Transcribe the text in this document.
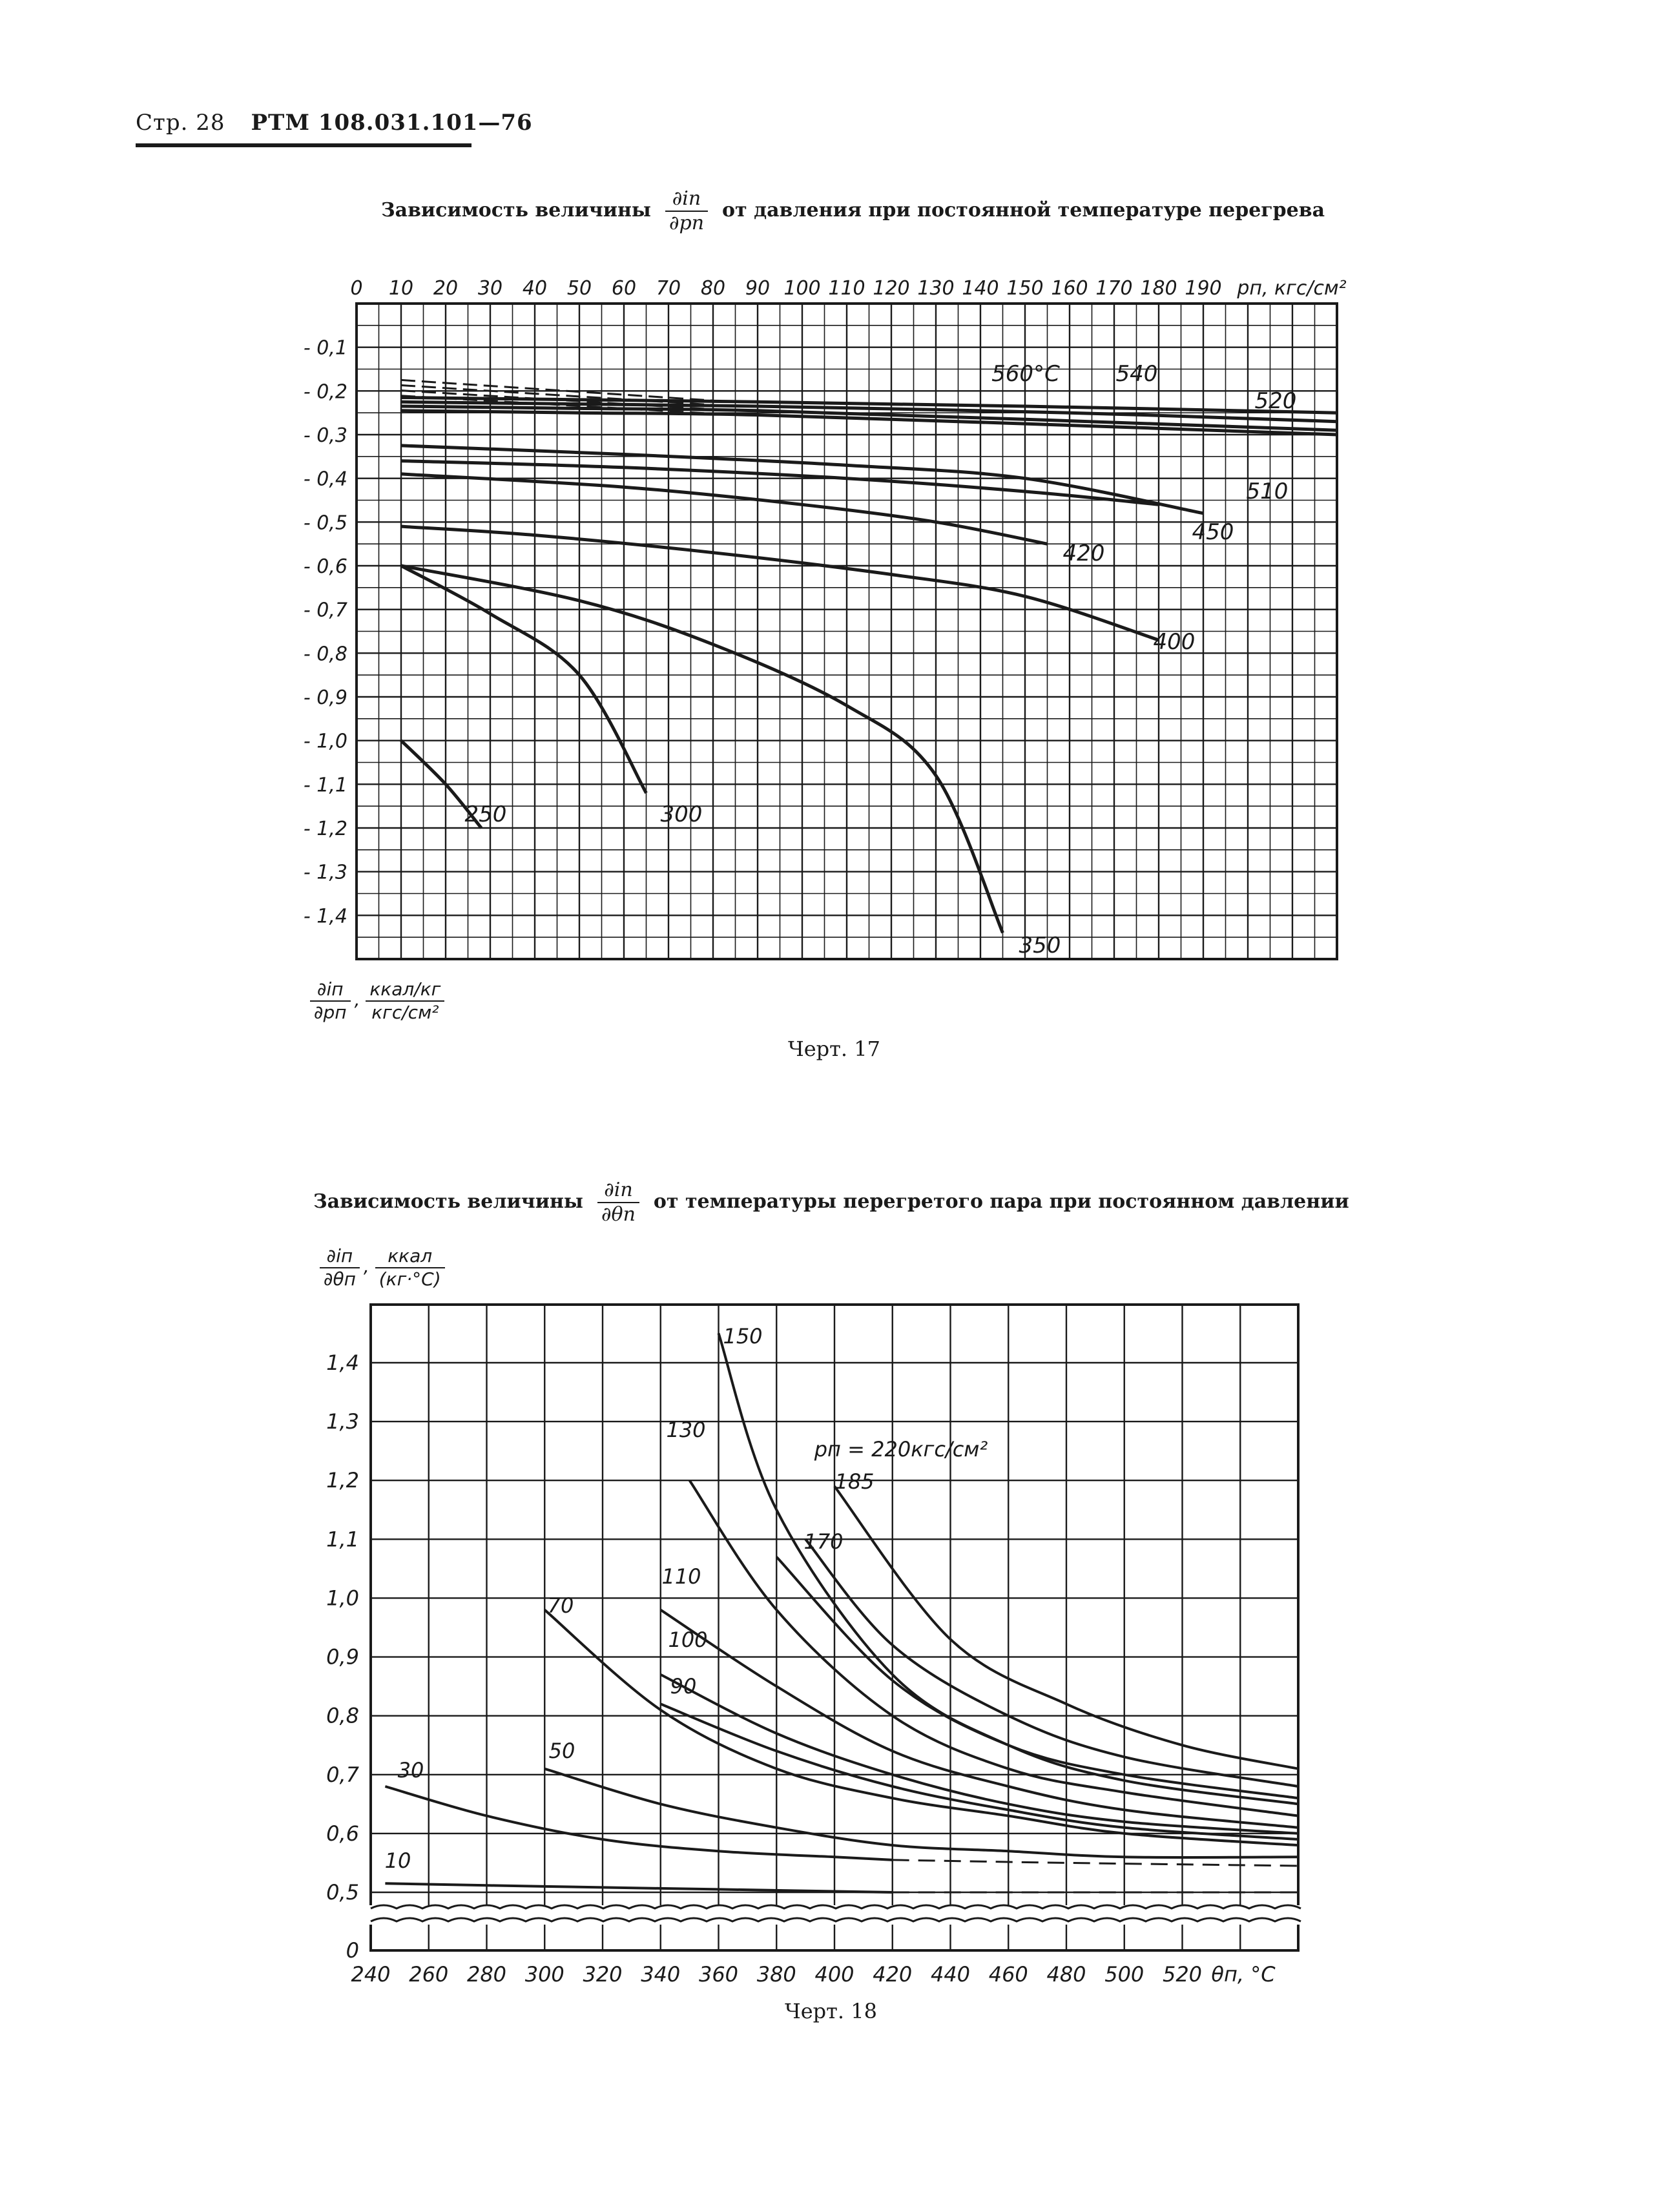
Стр. 28 РТМ 108.031.101—76
Зависимость величины $\frac{\partial iп}{\partial pп}$ от давления при постоянной температуре перегрева
Зависимость величины $\frac{\partial iп}{\partial\theta п}$ от температуры перегретого пара при постоянном давлении
$\frac{\partial iп}{\partial pп}$ , $\frac{\text{ккал/кг}}{\text{кгс/см²}}$
$\frac{\partial iп}{\partial\theta п}$ , $\frac{\text{ккал}}{(кг\cdot^\circ C)}$
Черт. 17
Черт. 18
0 10 20 30 40 50 60 70 80 90 100 110 120 130 140 150 160 170 180 190 pп, кгс/см²
- 0,1
- 0,2
- 0,3
- 0,4
- 0,5
- 0,6
- 0,7
- 0,8
- 0,9
- 1,0
- 1,1
- 1,2
- 1,3
- 1,4
560°C	540
520
510
450
420
400
350
300
250
240 260 280 300 320 340 360 380 400 420 440 460 480 500 520 θп, °C
0
0,5
0,6
0,7
0,8
0,9
1,0
1,1
1,2
1,3
1,4
150
130
pп = 220кгс/см²
185
170
110
100
90
70
50
30
10
